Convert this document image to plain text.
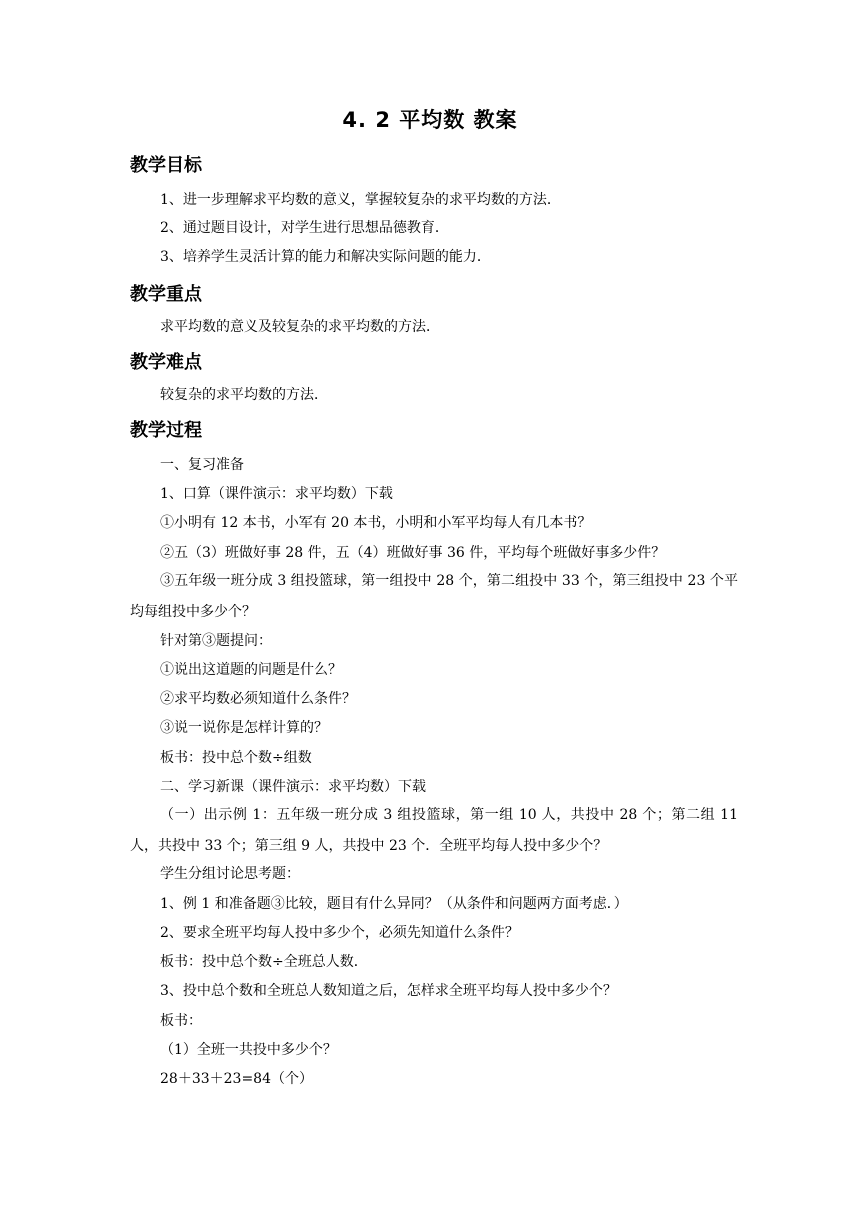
4. 2 平均数 教案
教学目标
1、进一步理解求平均数的意义，掌握较复杂的求平均数的方法．
2、通过题目设计，对学生进行思想品德教育．
3、培养学生灵活计算的能力和解决实际问题的能力．
教学重点
求平均数的意义及较复杂的求平均数的方法．
教学难点
较复杂的求平均数的方法．
教学过程
一、复习准备
1、口算（课件演示：求平均数）下载
①小明有 12 本书，小军有 20 本书，小明和小军平均每人有几本书？
②五（3）班做好事 28 件，五（4）班做好事 36 件，平均每个班做好事多少件？
③五年级一班分成 3 组投篮球，第一组投中 28 个，第二组投中 33 个，第三组投中 23 个平均每组投中多少个？
针对第③题提问：
①说出这道题的问题是什么？
②求平均数必须知道什么条件？
③说一说你是怎样计算的？
板书：投中总个数÷组数
二、学习新课（课件演示：求平均数）下载
（一）出示例 1：五年级一班分成 3 组投篮球，第一组 10 人，共投中 28 个；第二组 11 人，共投中 33 个；第三组 9 人，共投中 23 个．全班平均每人投中多少个？
学生分组讨论思考题：
1、例 1 和准备题③比较，题目有什么异同？（从条件和问题两方面考虑．）
2、要求全班平均每人投中多少个，必须先知道什么条件？
板书：投中总个数÷全班总人数．
3、投中总个数和全班总人数知道之后，怎样求全班平均每人投中多少个？
板书：
（1）全班一共投中多少个？
28＋33＋23=84（个）
